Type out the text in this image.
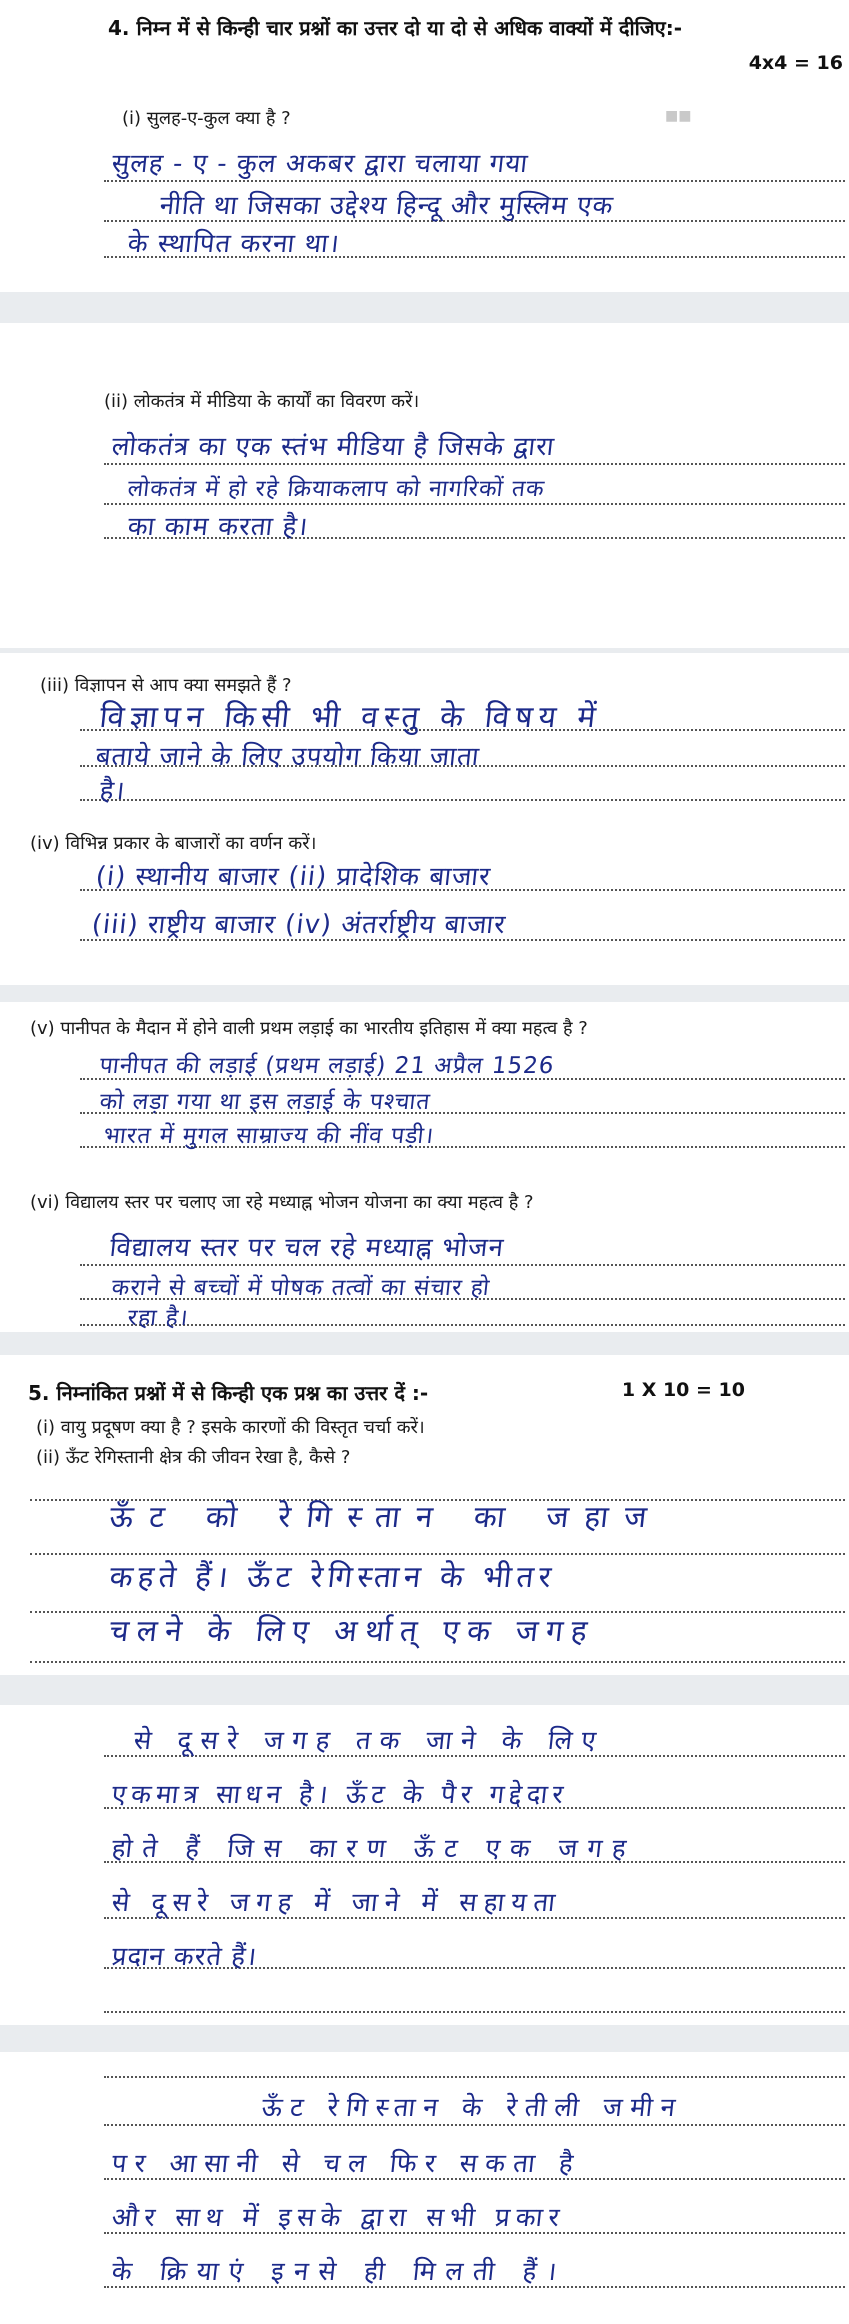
4. निम्न में से किन्ही चार प्रश्नों का उत्तर दो या दो से अधिक वाक्यों में दीजिए:-
4x4 = 16
(i) सुलह-ए-कुल क्या है ?	■■
सुलह - ए - कुल अकबर द्वारा चलाया गया
नीति था जिसका उद्देश्य हिन्दू और मुस्लिम एक
के स्थापित करना था।
(ii) लोकतंत्र में मीडिया के कार्यों का विवरण करें।
लोकतंत्र का एक स्तंभ मीडिया है जिसके द्वारा
लोकतंत्र में हो रहे क्रियाकलाप को नागरिकों तक
का काम करता है।
(iii) विज्ञापन से आप क्या समझते हैं ?
विज्ञापन किसी भी वस्तु के विषय में
बताये जाने के लिए उपयोग किया जाता
है।
(iv) विभिन्न प्रकार के बाजारों का वर्णन करें।
(i) स्थानीय बाजार (ii) प्रादेशिक बाजार
(iii) राष्ट्रीय बाजार (iv) अंतर्राष्ट्रीय बाजार
(v) पानीपत के मैदान में होने वाली प्रथम लड़ाई का भारतीय इतिहास में क्या महत्व है ?
पानीपत की लड़ाई (प्रथम लड़ाई) 21 अप्रैल 1526
को लड़ा गया था इस लड़ाई के पश्चात
भारत में मुगल साम्राज्य की नींव पड़ी।
(vi) विद्यालय स्तर पर चलाए जा रहे मध्याह्न भोजन योजना का क्या महत्व है ?
विद्यालय स्तर पर चल रहे मध्याह्न भोजन
कराने से बच्चों में पोषक तत्वों का संचार हो
रहा है।
5. निम्नांकित प्रश्नों में से किन्ही एक प्रश्न का उत्तर दें :-	1 X 10 = 10
(i) वायु प्रदूषण क्या है ? इसके कारणों की विस्तृत चर्चा करें।
(ii) ऊँट रेगिस्तानी क्षेत्र की जीवन रेखा है, कैसे ?
ऊँट को रेगिस्तान का जहाज
कहते हैं। ऊँट रेगिस्तान के भीतर
चलने के लिए अर्थात् एक जगह
से दूसरे जगह तक जाने के लिए
एकमात्र साधन है। ऊँट के पैर गद्देदार
होते हैं जिस कारण ऊँट एक जगह
से दूसरे जगह में जाने में सहायता
प्रदान करते हैं।
ऊँट रेगिस्तान के रेतीली जमीन
पर आसानी से चल फिर सकता है
और साथ में इसके द्वारा सभी प्रकार
के क्रियाएं इनसे ही मिलती हैं।
